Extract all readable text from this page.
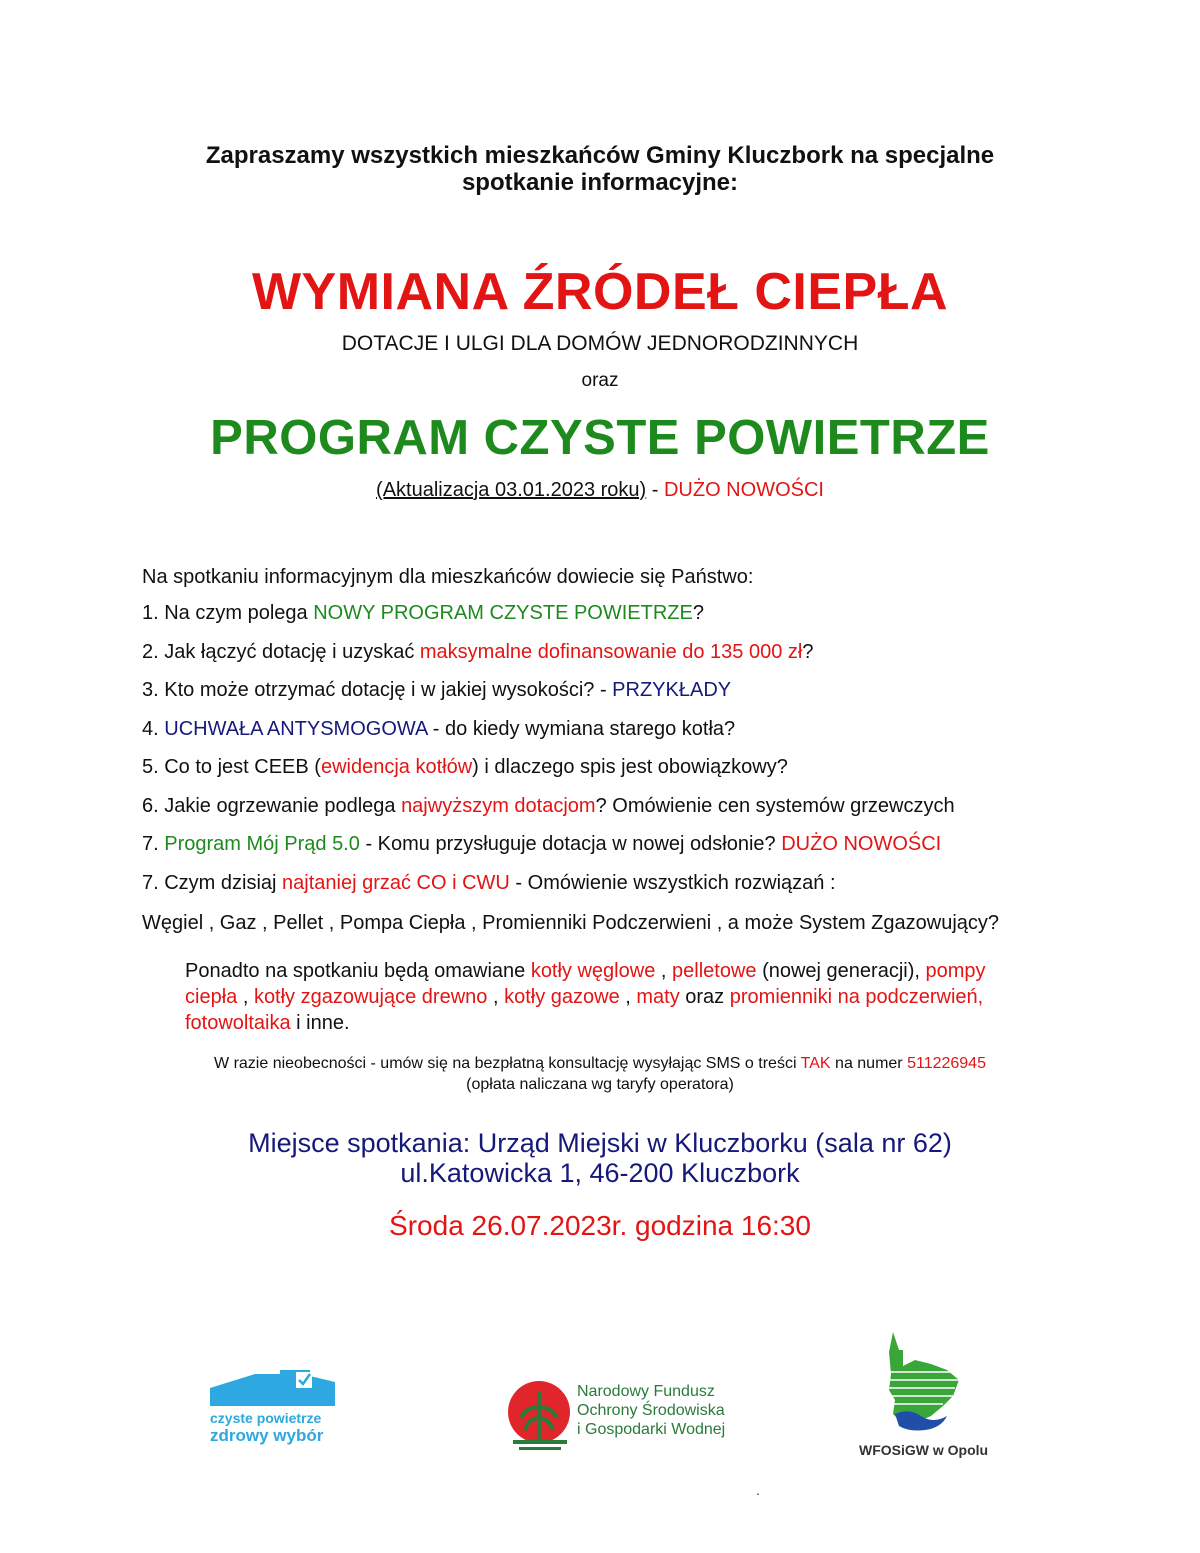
Zapraszamy wszystkich mieszkańców Gminy Kluczbork na specjalne
spotkanie informacyjne:
WYMIANA ŹRÓDEŁ CIEPŁA
DOTACJE I ULGI DLA DOMÓW JEDNORODZINNYCH
oraz
PROGRAM CZYSTE POWIETRZE
(Aktualizacja 03.01.2023 roku) - DUŻO NOWOŚCI
Na spotkaniu informacyjnym dla mieszkańców dowiecie się Państwo:
1. Na czym polega NOWY PROGRAM CZYSTE POWIETRZE?
2. Jak łączyć dotację i uzyskać maksymalne dofinansowanie do 135 000 zł?
3. Kto może otrzymać dotację i w jakiej wysokości? - PRZYKŁADY
4. UCHWAŁA ANTYSMOGOWA - do kiedy wymiana starego kotła?
5. Co to jest CEEB (ewidencja kotłów) i dlaczego spis jest obowiązkowy?
6. Jakie ogrzewanie podlega najwyższym dotacjom? Omówienie cen systemów grzewczych
7. Program Mój Prąd 5.0 - Komu przysługuje dotacja w nowej odsłonie? DUŻO NOWOŚCI
7. Czym dzisiaj najtaniej grzać CO i CWU - Omówienie wszystkich rozwiązań :
Węgiel , Gaz , Pellet , Pompa Ciepła , Promienniki Podczerwieni , a może System Zgazowujący?
Ponadto na spotkaniu będą omawiane kotły węglowe , pelletowe (nowej generacji), pompy ciepła , kotły zgazowujące drewno , kotły gazowe , maty oraz promienniki na podczerwień, fotowoltaika i inne.
W razie nieobecności - umów się na bezpłatną konsultację wysyłając SMS o treści TAK na numer 511226945
(opłata naliczana wg taryfy operatora)
Miejsce spotkania: Urząd Miejski w Kluczborku (sala nr 62)
ul.Katowicka 1, 46-200 Kluczbork
Środa 26.07.2023r. godzina 16:30
czyste powietrze
zdrowy wybór
Narodowy Fundusz
Ochrony Środowiska
i Gospodarki Wodnej
WFOSiGW w Opolu
.
